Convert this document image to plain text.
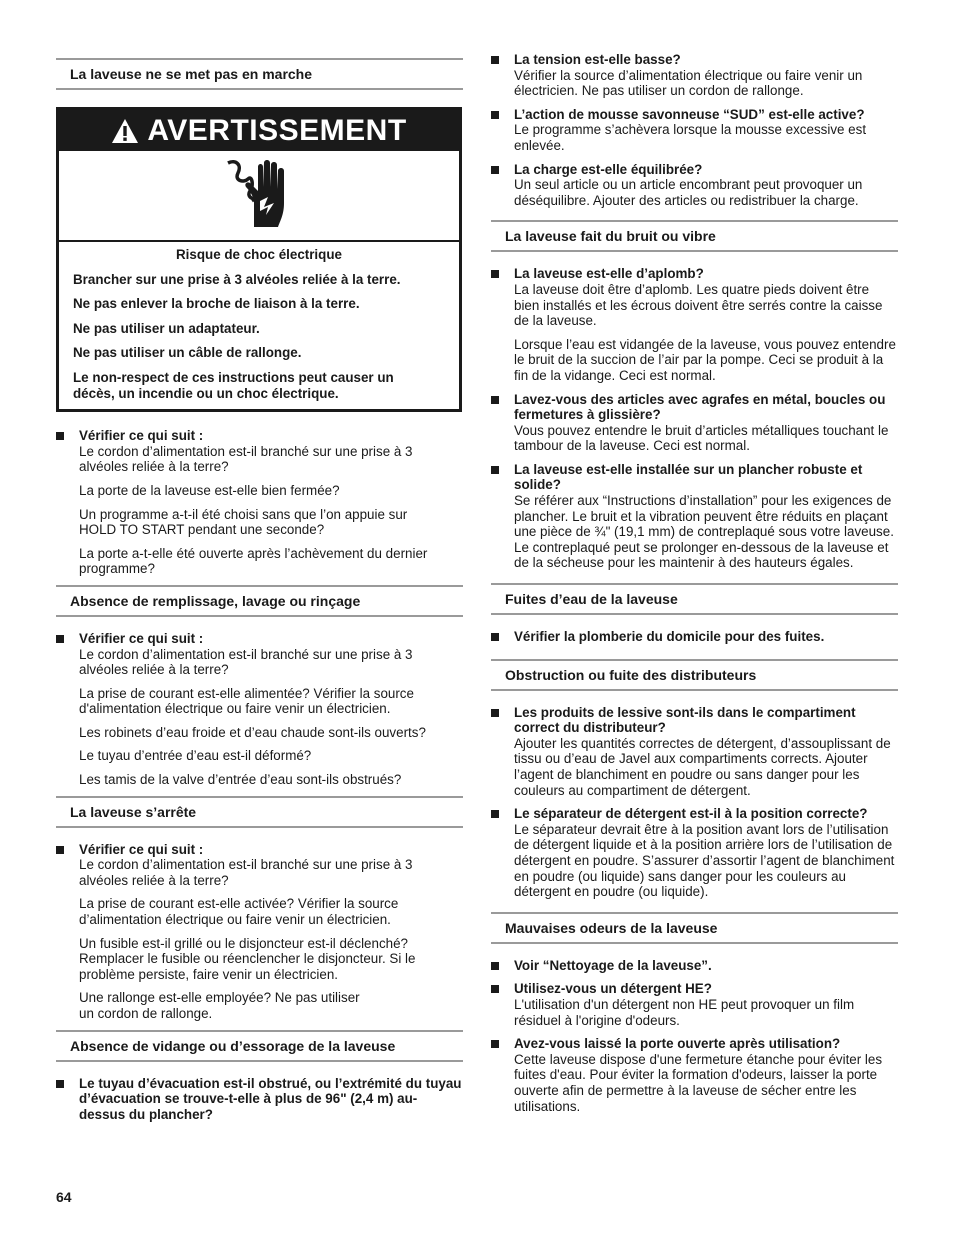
La laveuse ne se met pas en marche
AVERTISSEMENT
Risque de choc électrique
Brancher sur une prise à 3 alvéoles reliée à la terre.
Ne pas enlever la broche de liaison à la terre.
Ne pas utiliser un adaptateur.
Ne pas utiliser un câble de rallonge.
Le non-respect de ces instructions peut causer un décès, un incendie ou un choc électrique.
Vérifier ce qui suit :
Le cordon d’alimentation est-il branché sur une prise à 3 alvéoles reliée à la terre?
La porte de la laveuse est-elle bien fermée?
Un programme a-t-il été choisi sans que l’on appuie sur HOLD TO START pendant une seconde?
La porte a-t-elle été ouverte après l’achèvement du dernier programme?
Absence de remplissage, lavage ou rinçage
Vérifier ce qui suit :
Le cordon d’alimentation est-il branché sur une prise à 3 alvéoles reliée à la terre?
La prise de courant est-elle alimentée? Vérifier la source d'alimentation électrique ou faire venir un électricien.
Les robinets d’eau froide et d’eau chaude sont-ils ouverts?
Le tuyau d’entrée d’eau est-il déformé?
Les tamis de la valve d’entrée d’eau sont-ils obstrués?
La laveuse s’arrête
Vérifier ce qui suit :
Le cordon d’alimentation est-il branché sur une prise à 3 alvéoles reliée à la terre?
La prise de courant est-elle activée? Vérifier la source d’alimentation électrique ou faire venir un électricien.
Un fusible est-il grillé ou le disjoncteur est-il déclenché? Remplacer le fusible ou réenclencher le disjoncteur. Si le problème persiste, faire venir un électricien.
Une rallonge est-elle employée? Ne pas utiliser un cordon de rallonge.
Absence de vidange ou d’essorage de la laveuse
Le tuyau d’évacuation est-il obstrué, ou l’extrémité du tuyau d’évacuation se trouve-t-elle à plus de 96" (2,4 m) au-dessus du plancher?
La tension est-elle basse?
Vérifier la source d’alimentation électrique ou faire venir un électricien. Ne pas utiliser un cordon de rallonge.
L’action de mousse savonneuse “SUD” est-elle active?
Le programme s’achèvera lorsque la mousse excessive est enlevée.
La charge est-elle équilibrée?
Un seul article ou un article encombrant peut provoquer un déséquilibre. Ajouter des articles ou redistribuer la charge.
La laveuse fait du bruit ou vibre
La laveuse est-elle d’aplomb?
La laveuse doit être d’aplomb. Les quatre pieds doivent être bien installés et les écrous doivent être serrés contre la caisse de la laveuse.
Lorsque l’eau est vidangée de la laveuse, vous pouvez entendre le bruit de la succion de l’air par la pompe. Ceci se produit à la fin de la vidange. Ceci est normal.
Lavez-vous des articles avec agrafes en métal, boucles ou fermetures à glissière?
Vous pouvez entendre le bruit d’articles métalliques touchant le tambour de la laveuse. Ceci est normal.
La laveuse est-elle installée sur un plancher robuste et solide?
Se référer aux “Instructions d’installation” pour les exigences de plancher. Le bruit et la vibration peuvent être réduits en plaçant une pièce de ¾" (19,1 mm) de contreplaqué sous votre laveuse. Le contreplaqué peut se prolonger en-dessous de la laveuse et de la sécheuse pour les maintenir à des hauteurs égales.
Fuites d’eau de la laveuse
Vérifier la plomberie du domicile pour des fuites.
Obstruction ou fuite des distributeurs
Les produits de lessive sont-ils dans le compartiment correct du distributeur?
Ajouter les quantités correctes de détergent, d’assouplissant de tissu ou d’eau de Javel aux compartiments corrects. Ajouter l’agent de blanchiment en poudre ou sans danger pour les couleurs au compartiment de détergent.
Le séparateur de détergent est-il à la position correcte?
Le séparateur devrait être à la position avant lors de l’utilisation de détergent liquide et à la position arrière lors de l’utilisation de détergent en poudre. S’assurer d’assortir l’agent de blanchiment en poudre (ou liquide) sans danger pour les couleurs au détergent en poudre (ou liquide).
Mauvaises odeurs de la laveuse
Voir “Nettoyage de la laveuse”.
Utilisez-vous un détergent HE?
L'utilisation d'un détergent non HE peut provoquer un film résiduel à l'origine d'odeurs.
Avez-vous laissé la porte ouverte après utilisation?
Cette laveuse dispose d'une fermeture étanche pour éviter les fuites d'eau. Pour éviter la formation d'odeurs, laisser la porte ouverte afin de permettre à la laveuse de sécher entre les utilisations.
64
